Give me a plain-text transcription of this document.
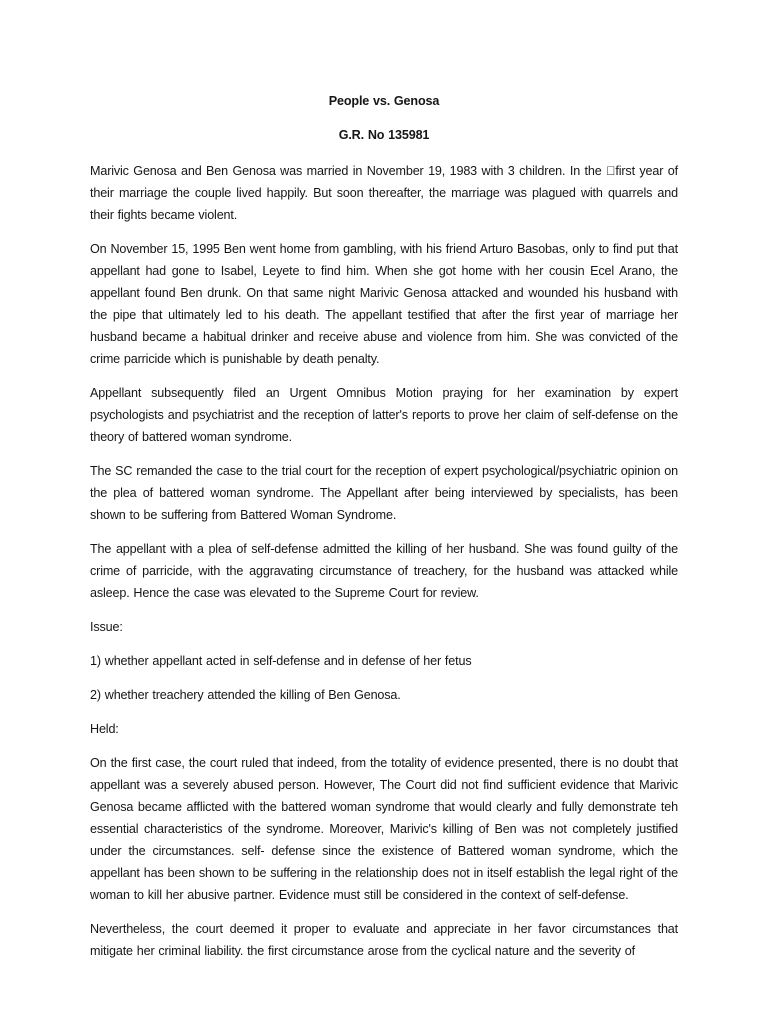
People vs. Genosa
G.R. No 135981

Marivic Genosa and Ben Genosa was married in November 19, 1983 with 3 children. In the  first year of their marriage the couple lived happily. But soon thereafter, the marriage was plagued with quarrels and their fights became violent.

On November 15, 1995 Ben went home from gambling, with his friend Arturo Basobas, only to find put that appellant had gone to Isabel, Leyete to find him. When she got home with her cousin Ecel Arano, the appellant found Ben drunk. On that same night Marivic Genosa attacked and wounded his husband with the pipe that ultimately led to his death. The appellant testified that after the first year of marriage her husband became a habitual drinker and receive abuse and violence from him. She was convicted of the crime parricide which is punishable by death penalty.

Appellant subsequently filed an Urgent Omnibus Motion praying for her examination by expert psychologists and psychiatrist and the reception of latter's reports to prove her claim of self-defense on the theory of battered woman syndrome.

The SC remanded the case to the trial court for the reception of expert psychological/psychiatric opinion on the plea of battered woman syndrome. The Appellant after being interviewed by specialists, has been shown to be suffering from Battered Woman Syndrome.

The appellant with a plea of self-defense admitted the killing of her husband. She was found guilty of the crime of parricide, with the aggravating circumstance of treachery, for the husband was attacked while asleep. Hence the case was elevated to the Supreme Court for review.

Issue:

1) whether appellant acted in self-defense and in defense of her fetus

2) whether treachery attended the killing of Ben Genosa.

Held:

On the first case, the court ruled that indeed, from the totality of evidence presented, there is no doubt that appellant was a severely abused person. However, The Court did not find sufficient evidence that Marivic Genosa became afflicted with the battered woman syndrome that would clearly and fully demonstrate teh essential characteristics of the syndrome. Moreover, Marivic's killing of Ben was not completely justified under the circumstances. self- defense since the existence of Battered woman syndrome, which the appellant has been shown to be suffering in the relationship does not in itself establish the legal right of the woman to kill her abusive partner. Evidence must still be considered in the context of self-defense.

Nevertheless, the court deemed it proper to evaluate and appreciate in her favor circumstances that mitigate her criminal liability. the first circumstance arose from the cyclical nature and the severity of
